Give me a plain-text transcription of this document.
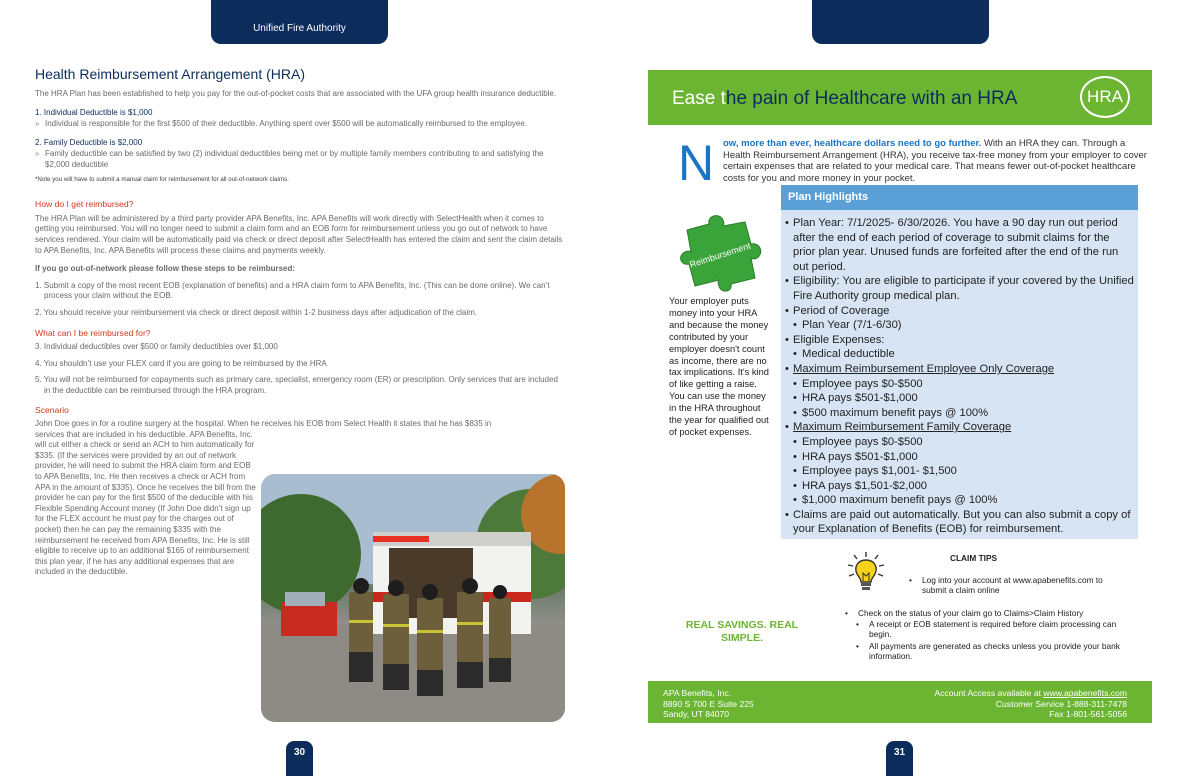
Unified Fire Authority
Health Reimbursement Arrangement (HRA)

The HRA Plan has been established to help you pay for the out-of-pocket costs that are associated with the UFA group health insurance deductible.

1. Individual Deductible is $1,000
» Individual is responsible for the first $500 of their deductible. Anything spent over $500 will be automatically reimbursed to the employee.
2. Family Deductible is $2,000
» Family deductible can be satisfied by two (2) individual deductibles being met or by multiple family members contributing to and satisfying the $2,000 deductible
*Note you will have to submit a manual claim for reimbursement for all out-of-network claims.
How do I get reimbursed?

The HRA Plan will be administered by a third party provider APA Benefits, Inc. APA Benefits will work directly with SelectHealth when it comes to getting you reimbursed. You will no longer need to submit a claim form and an EOB form for reimbursement unless you go out of network to have services rendered. Your claim will be automatically paid via check or direct deposit after SelectHealth has entered the claim and sent the claim details to APA Benefits, Inc. APA Benefits will process these claims and payments weekly.

If you go out-of-network please follow these steps to be reimbursed:

1. Submit a copy of the most recent EOB (explanation of benefits) and a HRA claim form to APA Benefits, Inc. (This can be done online). We can’t process your claim without the EOB.
2. You should receive your reimbursement via check or direct deposit within 1-2 business days after adjudication of the claim.
What can I be reimbursed for?
3. Individual deductibles over $500 or family deductibles over $1,000
4. You shouldn’t use your FLEX card if you are going to be reimbursed by the HRA
5. You will not be reimbursed for copayments such as primary care, specialist, emergency room (ER) or prescription. Only services that are included in the deductible can be reimbursed through the HRA program.
Scenario
John Doe goes in for a routine surgery at the hospital. When he receives his EOB from Select Health it states that he has $835 in
services that are included in his deductible. APA Benefits, Inc. will cut either a check or send an ACH to him automatically for $335. (If the services were provided by an out of network provider, he will need to submit the HRA claim form and EOB to APA Benefits, Inc. He then receives a check or ACH from APA in the amount of $335). Once he receives the bill from the provider he can pay for the first $500 of the deducible with his Flexible Spending Account money (If John Doe didn’t sign up for the FLEX account he must pay for the charges out of pocket) then he can pay the remaining $335 with the reimbursement he received from APA Benefits, Inc. He is still eligible to receive up to an additional $165 of reimbursement this plan year, if he has any additional expenses that are included in the deductible.
30
Ease the pain of Healthcare with an HRA	HRA
N ow, more than ever, healthcare dollars need to go further. With an HRA they can. Through a Health Reimbursement Arrangement (HRA), you receive tax-free money from your employer to cover certain expenses that are related to your medical care. That means fewer out-of-pocket healthcare costs for you and more money in your pocket.
Reimbursement
Your employer puts money into your HRA and because the money contributed by your employer doesn't count as income, there are no tax implications. It's kind of like getting a raise. You can use the money in the HRA throughout the year for qualified out of pocket expenses.
Plan Highlights
• Plan Year: 7/1/2025- 6/30/2026. You have a 90 day run out period after the end of each period of coverage to submit claims for the prior plan year. Unused funds are forfeited after the end of the run out period.
• Eligibility: You are eligible to participate if your covered by the Unified Fire Authority group medical plan.
• Period of Coverage
• Plan Year (7/1-6/30)
• Eligible Expenses:
• Medical deductible
• Maximum Reimbursement Employee Only Coverage
• Employee pays $0-$500
• HRA pays $501-$1,000
• $500 maximum benefit pays @ 100%
• Maximum Reimbursement Family Coverage
• Employee pays $0-$500
• HRA pays $501-$1,000
• Employee pays $1,001- $1,500
• HRA pays $1,501-$2,000
• $1,000 maximum benefit pays @ 100%
• Claims are paid out automatically. But you can also submit a copy of your Explanation of Benefits (EOB) for reimbursement.
REAL SAVINGS. REAL SIMPLE.
CLAIM TIPS
• Log into your account at www.apabenefits.com to submit a claim online
• Check on the status of your claim go to Claims>Claim History
• A receipt or EOB statement is required before claim processing can begin.
• All payments are generated as checks unless you provide your bank information.
APA Benefits, Inc.
8890 S 700 E Suite 225
Sandy, UT 84070
Account Access available at www.apabenefits.com
Customer Service 1-888-311-7478
Fax 1-801-561-5056
31
